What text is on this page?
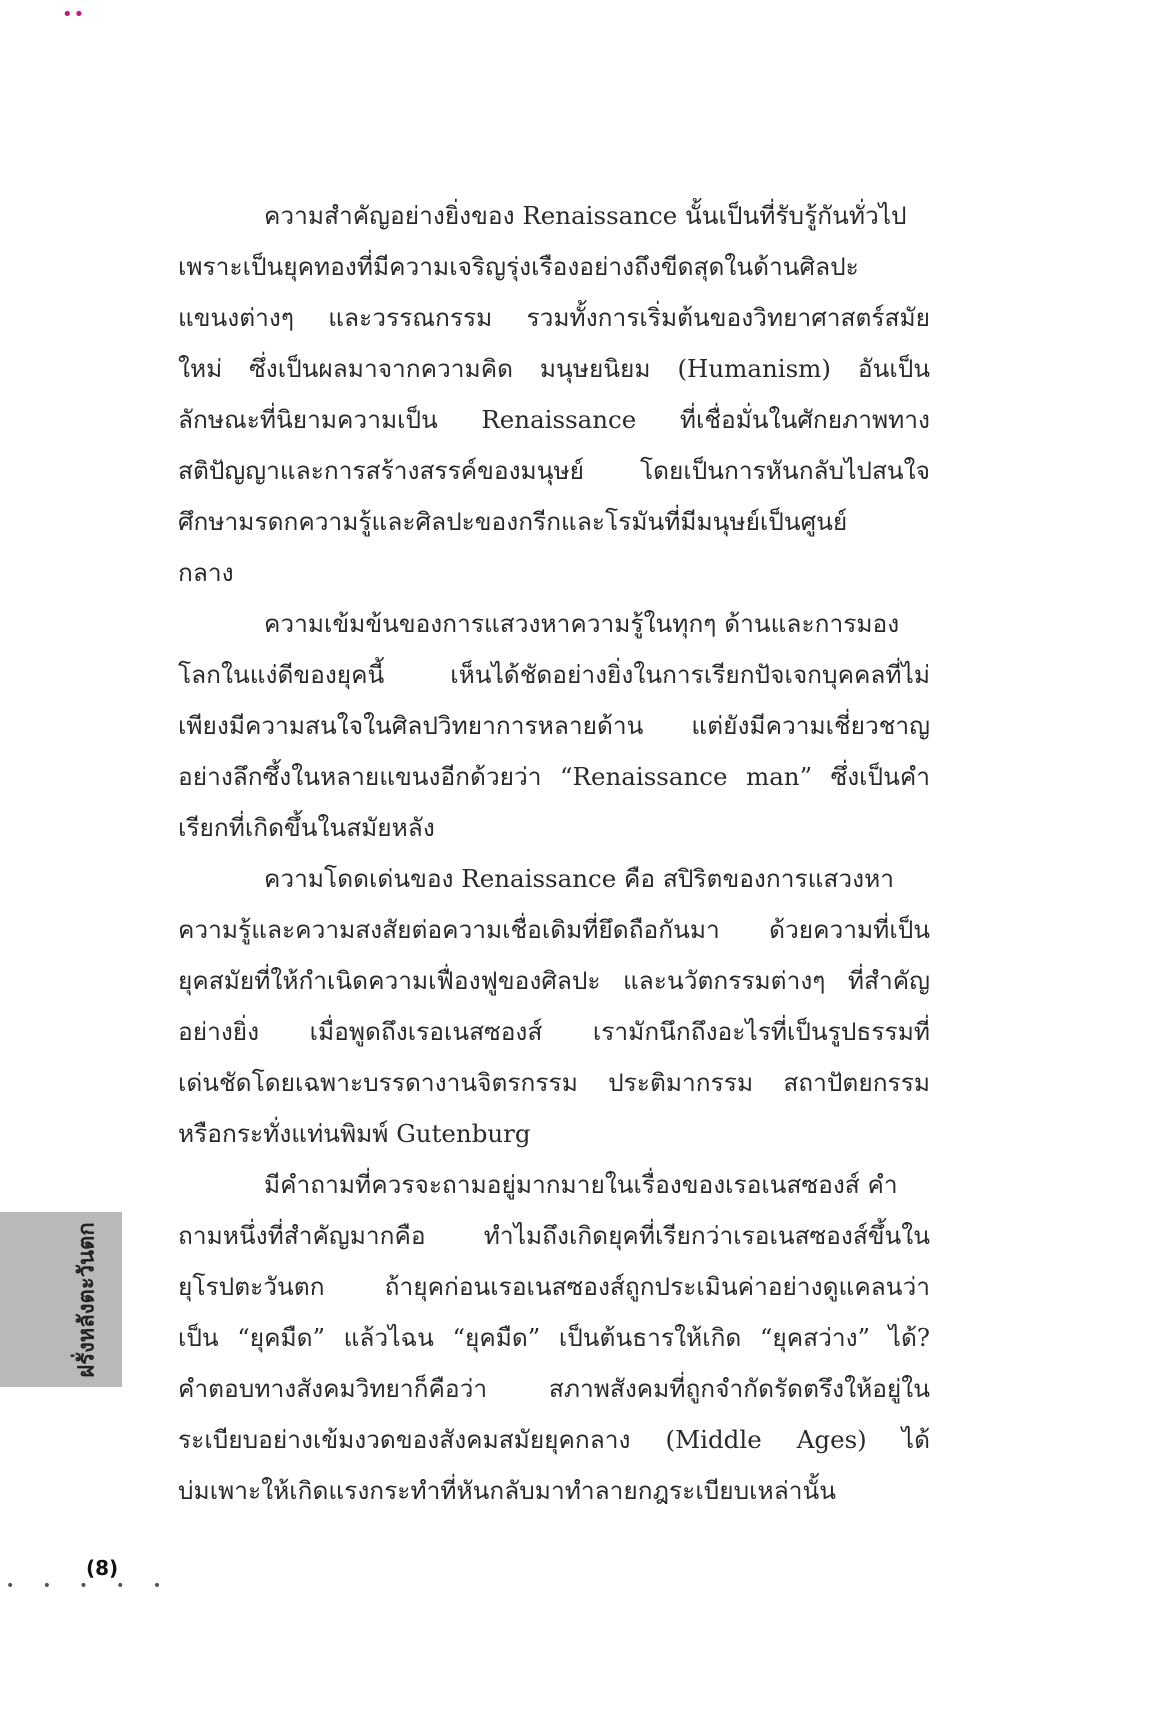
••
ความสำคัญอย่างยิ่งของ Renaissance นั้นเป็นที่รับรู้กันทั่วไป
เพราะเป็นยุคทองที่มีความเจริญรุ่งเรืองอย่างถึงขีดสุดในด้านศิลปะ
แขนงต่างๆ และวรรณกรรม รวมทั้งการเริ่มต้นของวิทยาศาสตร์สมัย
ใหม่ ซึ่งเป็นผลมาจากความคิด มนุษยนิยม (Humanism) อันเป็น
ลักษณะที่นิยามความเป็น Renaissance ที่เชื่อมั่นในศักยภาพทาง
สติปัญญาและการสร้างสรรค์ของมนุษย์ โดยเป็นการหันกลับไปสนใจ
ศึกษามรดกความรู้และศิลปะของกรีกและโรมันที่มีมนุษย์เป็นศูนย์
กลาง
ความเข้มข้นของการแสวงหาความรู้ในทุกๆ ด้านและการมอง
โลกในแง่ดีของยุคนี้ เห็นได้ชัดอย่างยิ่งในการเรียกปัจเจกบุคคลที่ไม่
เพียงมีความสนใจในศิลปวิทยาการหลายด้าน แต่ยังมีความเชี่ยวชาญ
อย่างลึกซึ้งในหลายแขนงอีกด้วยว่า “Renaissance man” ซึ่งเป็นคำ
เรียกที่เกิดขึ้นในสมัยหลัง
ความโดดเด่นของ Renaissance คือ สปิริตของการแสวงหา
ความรู้และความสงสัยต่อความเชื่อเดิมที่ยึดถือกันมา ด้วยความที่เป็น
ยุคสมัยที่ให้กำเนิดความเฟื่องฟูของศิลปะ และนวัตกรรมต่างๆ ที่สำคัญ
อย่างยิ่ง เมื่อพูดถึงเรอเนสซองส์ เรามักนึกถึงอะไรที่เป็นรูปธรรมที่
เด่นชัดโดยเฉพาะบรรดางานจิตรกรรม ประติมากรรม สถาปัตยกรรม
หรือกระทั่งแท่นพิมพ์ Gutenburg
มีคำถามที่ควรจะถามอยู่มากมายในเรื่องของเรอเนสซองส์ คำ
ถามหนึ่งที่สำคัญมากคือ ทำไมถึงเกิดยุคที่เรียกว่าเรอเนสซองส์ขึ้นใน
ยุโรปตะวันตก ถ้ายุคก่อนเรอเนสซองส์ถูกประเมินค่าอย่างดูแคลนว่า
เป็น “ยุคมืด” แล้วไฉน “ยุคมืด” เป็นต้นธารให้เกิด “ยุคสว่าง” ได้?
คำตอบทางสังคมวิทยาก็คือว่า สภาพสังคมที่ถูกจำกัดรัดตรึงให้อยู่ใน
ระเบียบอย่างเข้มงวดของสังคมสมัยยุคกลาง (Middle Ages) ได้
บ่มเพาะให้เกิดแรงกระทำที่หันกลับมาทำลายกฎระเบียบเหล่านั้น
ฝรั่งหลังตะวันตก
(8)
• • • • •
